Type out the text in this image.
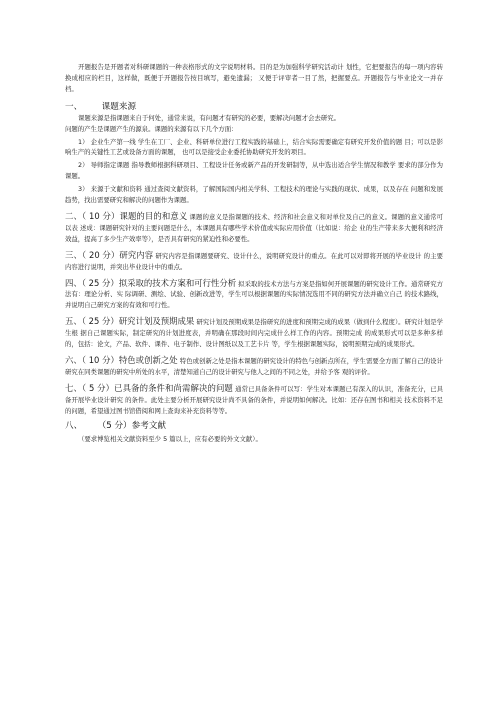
开题报告是开题者对科研课题的一种表格形式的文字说明材料。目的是为加强科学研究活动计 划性，它把要报告的每一项内容转换成相应的栏目，这样做，既便于开题报告按目填写，避免遗漏； 又便于评审者一目了然，把握要点。开题报告与毕业论文一并存档。

一、 课题来源

课题来源是指课题来自于何处，通常来说，有问题才有研究的必要，要解决问题才会去研究。

问题的产生是课题产生的源泉。课题的来源有以下几个方面：

1） 企业生产第一线 学生在工厂、企业、科研单位进行工程实践的基础上，结合实际需要确定有研究开发价值的题 目；可以是影响生产的关键性工艺或设备方面的课题， 也可以是接受企业委托协助研究开发的项目。

2） 导师指定课题 指导教师根据科研项目、工程设计任务或新产品的开发研制等，从中选出适合学生情况和教学 要求的部分作为课题。

3） 来源于文献和资料 通过查阅文献资料，了解国际国内相关学科、工程技术的理论与实践的现状、成果，以及存在 问题和发展趋势，找出需要研究和解决的问题作为课题。

二、（ 10 分）课题的目的和意义 课题的意义是指课题的技术、经济和社会意义和对单位及自己的意义。课题的意义通常可以表 述成：课题研究针对的主要问题是什么，本课题具有哪些学术价值或实际应用价值（比如说：给企 业的生产带来多大便利和经济效益，提高了多少生产效率等），是否具有研究的紧迫性和必要性。

三、（ 20 分）研究内容 研究内容是指课题要研究、设计什么，说明研究设计的重点。在此可以对即将开展的毕业设计 的主要内容进行说明，并突出毕业设计中的重点。

四、（ 25 分）拟采取的技术方案和可行性分析 拟采取的技术方法与方案是指如何开展课题的研究设计工作。通常研究方法有：理论分析、实 际调研、测绘、试验、创新改进等，学生可以根据课题的实际情况选用不同的研究方法并确立自己 的技术路线，并说明自己研究方案的有效和可行性。

五、（ 25 分）研究计划及预期成果 研究计划及预期成果是指研究的进度和预期完成的成果（做到什么程度）。研究计划是学生根 据自己课题实际，制定研究的计划进度表，并明确在那段时间内完成什么样工作的内容。预期完成 的成果形式可以是多种多样的，包括：论文，产品、软件、课件、电子制作、设计图纸以及工艺卡片 等，学生根据课题实际，说明预期完成的成果形式。

六、（ 10 分）特色或创新之处 特色或创新之处是指本课题的研究设计的特色与创新点所在，学生需要全方面了解自己的设计 研究在同类课题的研究中所处的水平，清楚知道自己的设计研究与他人之间的不同之处，并给予客 观的评价。

七、（ 5 分）已具备的条件和尚需解决的问题 通常已具备条件可以写：学生对本课题已有深入的认识，准备充分，已具备开展毕业设计研究 的条件。此处主要分析开展研究设计尚不具备的条件，并说明如何解决。比如：还存在图书和相关 技术资料不足的问题，希望通过图书馆借阅和网上查询来补充资料等等。

八、 （5 分）参考文献

（要求博览相关文献资料至少 5 篇以上，应有必要的外文文献）。
